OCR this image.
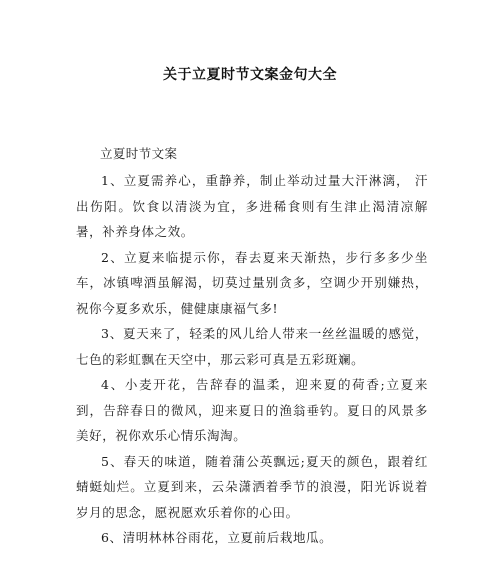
关于立夏时节文案金句大全
立夏时节文案

1、立夏需养心，重静养，制止举动过量大汗淋漓， 汗 出伤阳。饮食以清淡为宜，多进稀食则有生津止渴清凉解暑，补养身体之效。

2、立夏来临提示你，春去夏来天渐热，步行多多少坐车，冰镇啤酒虽解渴，切莫过量别贪多，空调少开别嫌热，祝你今夏多欢乐，健健康康福气多!

3、夏天来了，轻柔的风儿给人带来一丝丝温暖的感觉，七色的彩虹飘在天空中，那云彩可真是五彩斑斓。

4、小麦开花，告辞春的温柔，迎来夏的荷香;立夏来到，告辞春日的微风，迎来夏日的渔翁垂钓。夏日的风景多美好，祝你欢乐心情乐淘淘。

5、春天的味道，随着蒲公英飘远;夏天的颜色，跟着红蜻蜓灿烂。立夏到来，云朵潇洒着季节的浪漫，阳光诉说着岁月的思念，愿祝愿欢乐着你的心田。

6、清明林林谷雨花，立夏前后栽地瓜。
